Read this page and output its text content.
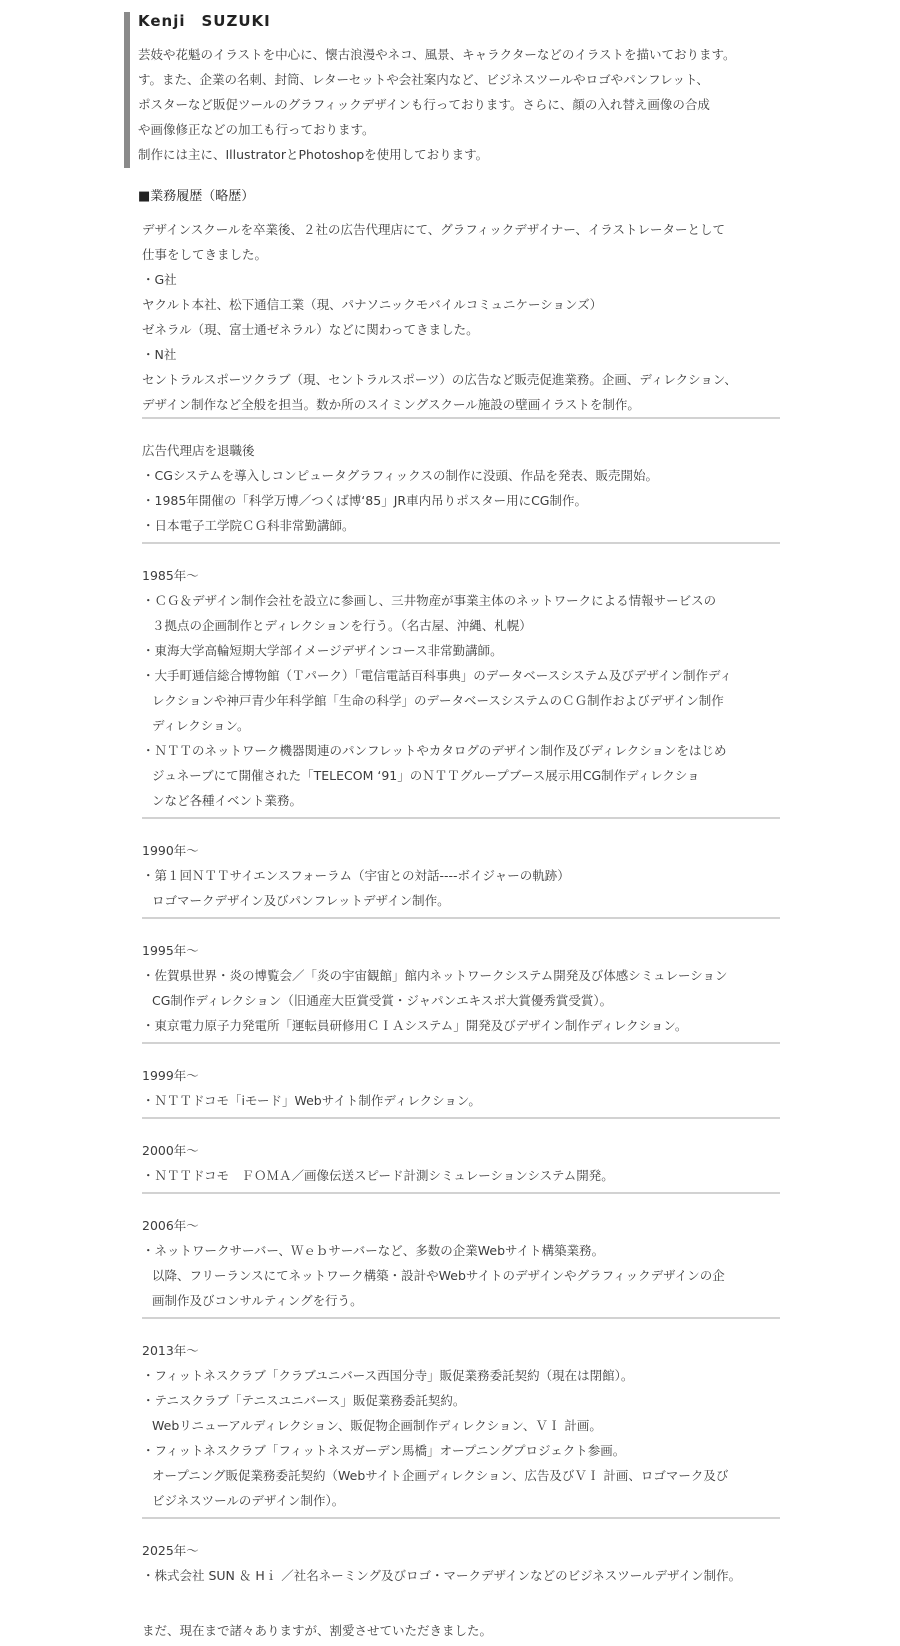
Kenji　SUZUKI
芸妓や花魁のイラストを中心に、懐古浪漫やネコ、風景、キャラクターなどのイラストを描いております。
す。また、企業の名刺、封筒、レターセットや会社案内など、ビジネスツールやロゴやパンフレット、
ポスターなど販促ツールのグラフィックデザインも行っております。さらに、顔の入れ替え画像の合成
や画像修正などの加工も行っております。
制作には主に、IllustratorとPhotoshopを使用しております。
■業務履歴（略歴）
デザインスクールを卒業後、２社の広告代理店にて、グラフィックデザイナー、イラストレーターとして
仕事をしてきました。
・G社
ヤクルト本社、松下通信工業（現、パナソニックモバイルコミュニケーションズ）
ゼネラル（現、富士通ゼネラル）などに関わってきました。
・N社
セントラルスポーツクラブ（現、セントラルスポーツ）の広告など販売促進業務。企画、ディレクション、
デザイン制作など全般を担当。数か所のスイミングスクール施設の壁画イラストを制作。
広告代理店を退職後
・CGシステムを導入しコンピュータグラフィックスの制作に没頭、作品を発表、販売開始。
・1985年開催の「科学万博／つくば博‘85」JR車内吊りポスター用にCG制作。
・日本電子工学院ＣＧ科非常勤講師。
1985年～
・ＣＧ＆デザイン制作会社を設立に参画し、三井物産が事業主体のネットワークによる情報サービスの
３拠点の企画制作とディレクションを行う。（名古屋、沖縄、札幌）
・東海大学高輪短期大学部イメージデザインコース非常勤講師。
・大手町逓信総合博物館（Ｔパーク）「電信電話百科事典」のデータベースシステム及びデザイン制作ディ
レクションや神戸青少年科学館「生命の科学」のデータベースシステムのＣＧ制作およびデザイン制作
ディレクション。
・ＮＴＴのネットワーク機器関連のパンフレットやカタログのデザイン制作及びディレクションをはじめ
ジュネーブにて開催された「TELECOM ‘91」のＮＴＴグループブース展示用CG制作ディレクショ
ンなど各種イベント業務。
1990年～
・第１回ＮＴＴサイエンスフォーラム（宇宙との対話----ボイジャーの軌跡）
ロゴマークデザイン及びパンフレットデザイン制作。
1995年～
・佐賀県世界・炎の博覧会／「炎の宇宙観館」館内ネットワークシステム開発及び体感シミュレーション
CG制作ディレクション（旧通産大臣賞受賞・ジャパンエキスポ大賞優秀賞受賞）。
・東京電力原子力発電所「運転員研修用ＣＩＡシステム」開発及びデザイン制作ディレクション。
1999年～
・ＮＴＴドコモ「iモード」Webサイト制作ディレクション。
2000年～
・ＮＴＴドコモ　ＦＯＭＡ／画像伝送スピード計測シミュレーションシステム開発。
2006年～
・ネットワークサーバー、Ｗｅｂサーバーなど、多数の企業Webサイト構築業務。
以降、フリーランスにてネットワーク構築・設計やWebサイトのデザインやグラフィックデザインの企
画制作及びコンサルティングを行う。
2013年～
・フィットネスクラブ「クラブユニバース西国分寺」販促業務委託契約（現在は閉館）。
・テニスクラブ「テニスユニバース」販促業務委託契約。
Webリニューアルディレクション、販促物企画制作ディレクション、ＶＩ 計画。
・フィットネスクラブ「フィットネスガーデン馬橋」オープニングプロジェクト参画。
オープニング販促業務委託契約（Webサイト企画ディレクション、広告及びＶＩ 計画、ロゴマーク及び
ビジネスツールのデザイン制作）。
2025年～
・株式会社 SUN ＆ Hｉ ／社名ネーミング及びロゴ・マークデザインなどのビジネスツールデザイン制作。
まだ、現在まで諸々ありますが、割愛させていただきました。
